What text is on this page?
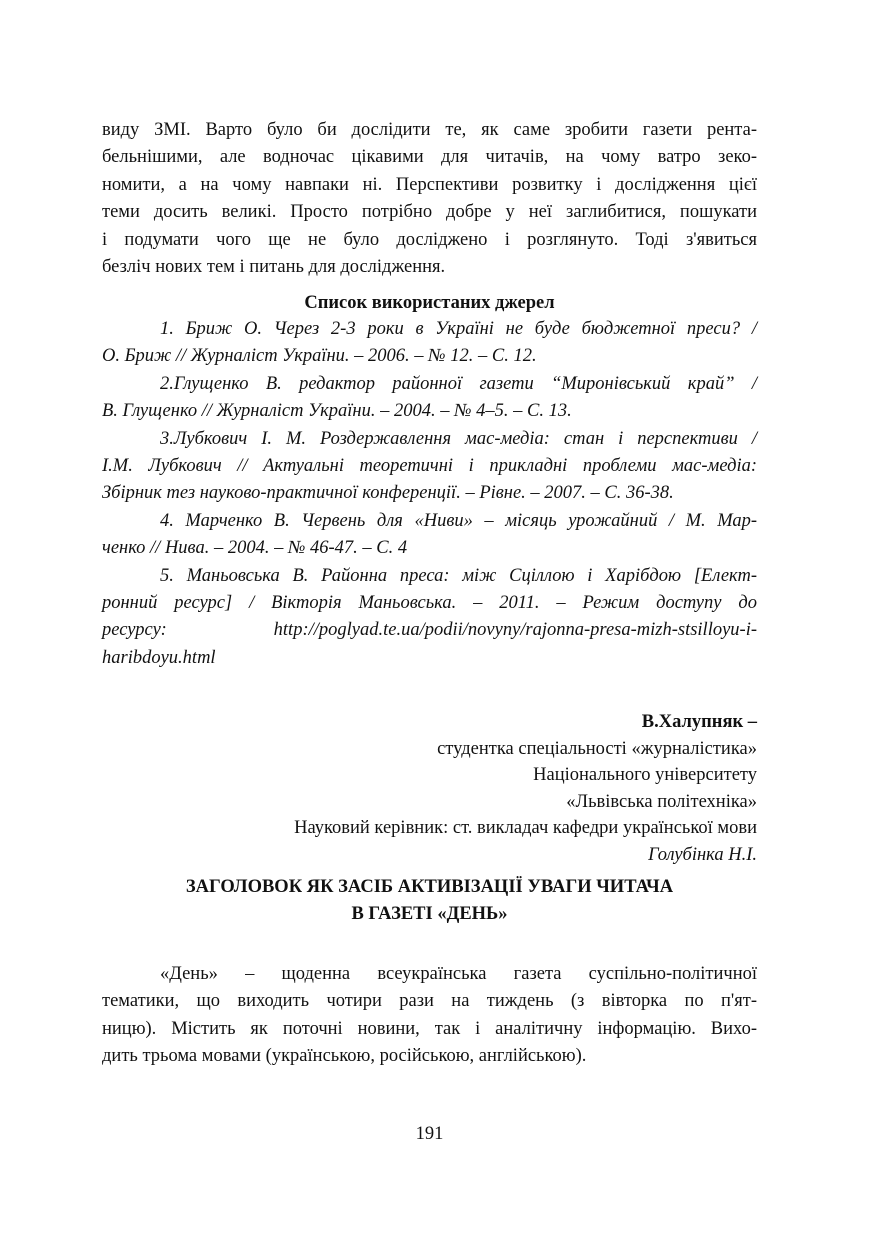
виду ЗМІ. Варто було би дослідити те, як саме зробити газети рента-
бельнішими, але водночас цікавими для читачів, на чому ватро зеко-
номити, а на чому навпаки ні. Перспективи розвитку і дослідження цієї
теми досить великі. Просто потрібно добре у неї заглибитися, пошукати
і подумати чого ще не було досліджено і розглянуто. Тоді з'явиться
безліч нових тем і питань для дослідження.
Список використаних джерел
1. Бриж О. Через 2-3 роки в Україні не буде бюджетної преси? /
О. Бриж // Журналіст України. – 2006. – № 12. – С. 12.
2.Глущенко В. редактор районної газети “Миронівський край” /
В. Глущенко // Журналіст України. – 2004. – № 4–5. – С. 13.
3.Лубкович І. М. Роздержавлення мас-медіа: стан і перспективи /
І.М. Лубкович // Актуальні теоретичні і прикладні проблеми мас-медіа:
Збірник тез науково-практичної конференції. – Рівне. – 2007. – С. 36-38.
4. Марченко В. Червень для «Ниви» – місяць урожайний / М. Мар-
ченко // Нива. – 2004. – № 46-47. – С. 4
5. Маньовська В. Районна преса: між Сціллою і Харібдою [Елект-
ронний ресурс] / Вікторія Маньовська. – 2011. – Режим доступу до
ресурсу: http://poglyad.te.ua/podii/novyny/rajonna-presa-mizh-stsilloyu-i-
haribdoyu.html
В.Халупняк –
студентка спеціальності «журналістика»
Національного університету
«Львівська політехніка»
Науковий керівник: ст. викладач кафедри української мови
Голубінка Н.І.
ЗАГОЛОВОК ЯК ЗАСІБ АКТИВІЗАЦІЇ УВАГИ ЧИТАЧА
В ГАЗЕТІ «ДЕНЬ»
«День» – щоденна всеукраїнська газета суспільно-політичної
тематики, що виходить чотири рази на тиждень (з вівторка по п'ят-
ницю). Містить як поточні новини, так і аналітичну інформацію. Вихо-
дить трьома мовами (українською, російською, англійською).
191
